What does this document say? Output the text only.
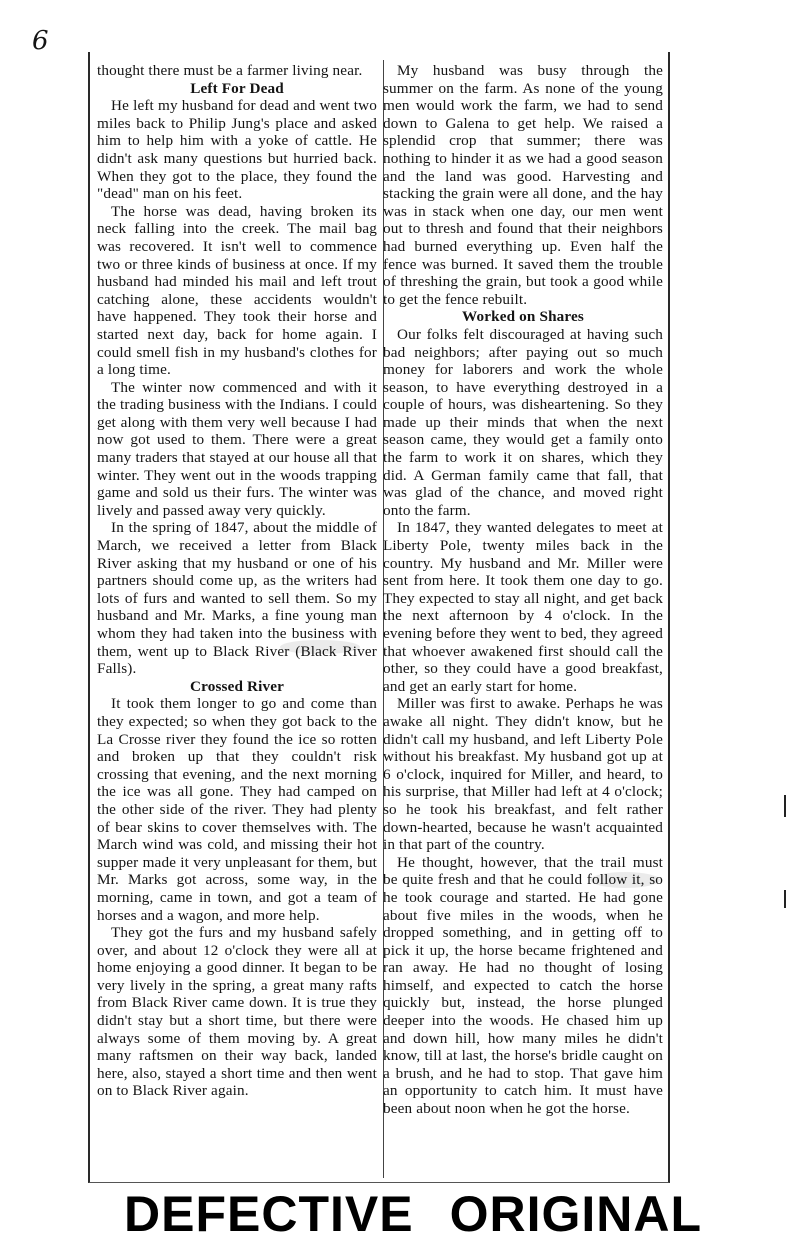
6

thought there must be a farmer living near.

Left For Dead

He left my husband for dead and went two miles back to Philip Jung's place and asked him to help him with a yoke of cattle. He didn't ask many questions but hurried back. When they got to the place, they found the "dead" man on his feet.

The horse was dead, having broken its neck falling into the creek. The mail bag was recovered. It isn't well to commence two or three kinds of business at once. If my husband had minded his mail and left trout catching alone, these accidents wouldn't have happened. They took their horse and started next day, back for home again. I could smell fish in my husband's clothes for a long time.

The winter now commenced and with it the trading business with the Indians. I could get along with them very well because I had now got used to them. There were a great many traders that stayed at our house all that winter. They went out in the woods trapping game and sold us their furs. The winter was lively and passed away very quickly.

In the spring of 1847, about the middle of March, we received a letter from Black River asking that my husband or one of his partners should come up, as the writers had lots of furs and wanted to sell them. So my husband and Mr. Marks, a fine young man whom they had taken into the business with them, went up to Black River (Black River Falls).

Crossed River

It took them longer to go and come than they expected; so when they got back to the La Crosse river they found the ice so rotten and broken up that they couldn't risk crossing that evening, and the next morning the ice was all gone. They had camped on the other side of the river. They had plenty of bear skins to cover themselves with. The March wind was cold, and missing their hot supper made it very unpleasant for them, but Mr. Marks got across, some way, in the morning, came in town, and got a team of horses and a wagon, and more help.

They got the furs and my husband safely over, and about 12 o'clock they were all at home enjoying a good dinner. It began to be very lively in the spring, a great many rafts from Black River came down. It is true they didn't stay but a short time, but there were always some of them moving by. A great many raftsmen on their way back, landed here, also, stayed a short time and then went on to Black River again.

My husband was busy through the summer on the farm. As none of the young men would work the farm, we had to send down to Galena to get help. We raised a splendid crop that summer; there was nothing to hinder it as we had a good season and the land was good. Harvesting and stacking the grain were all done, and the hay was in stack when one day, our men went out to thresh and found that their neighbors had burned everything up. Even half the fence was burned. It saved them the trouble of threshing the grain, but took a good while to get the fence rebuilt.

Worked on Shares

Our folks felt discouraged at having such bad neighbors; after paying out so much money for laborers and work the whole season, to have everything destroyed in a couple of hours, was disheartening. So they made up their minds that when the next season came, they would get a family onto the farm to work it on shares, which they did. A German family came that fall, that was glad of the chance, and moved right onto the farm.

In 1847, they wanted delegates to meet at Liberty Pole, twenty miles back in the country. My husband and Mr. Miller were sent from here. It took them one day to go. They expected to stay all night, and get back the next afternoon by 4 o'clock. In the evening before they went to bed, they agreed that whoever awakened first should call the other, so they could have a good breakfast, and get an early start for home.

Miller was first to awake. Perhaps he was awake all night. They didn't know, but he didn't call my husband, and left Liberty Pole without his breakfast. My husband got up at 6 o'clock, inquired for Miller, and heard, to his surprise, that Miller had left at 4 o'clock; so he took his breakfast, and felt rather down-hearted, because he wasn't acquainted in that part of the country.

He thought, however, that the trail must be quite fresh and that he could follow it, so he took courage and started. He had gone about five miles in the woods, when he dropped something, and in getting off to pick it up, the horse became frightened and ran away. He had no thought of losing himself, and expected to catch the horse quickly but, instead, the horse plunged deeper into the woods. He chased him up and down hill, how many miles he didn't know, till at last, the horse's bridle caught on a brush, and he had to stop. That gave him an opportunity to catch him. It must have been about noon when he got the horse.

DEFECTIVE ORIGINAL
